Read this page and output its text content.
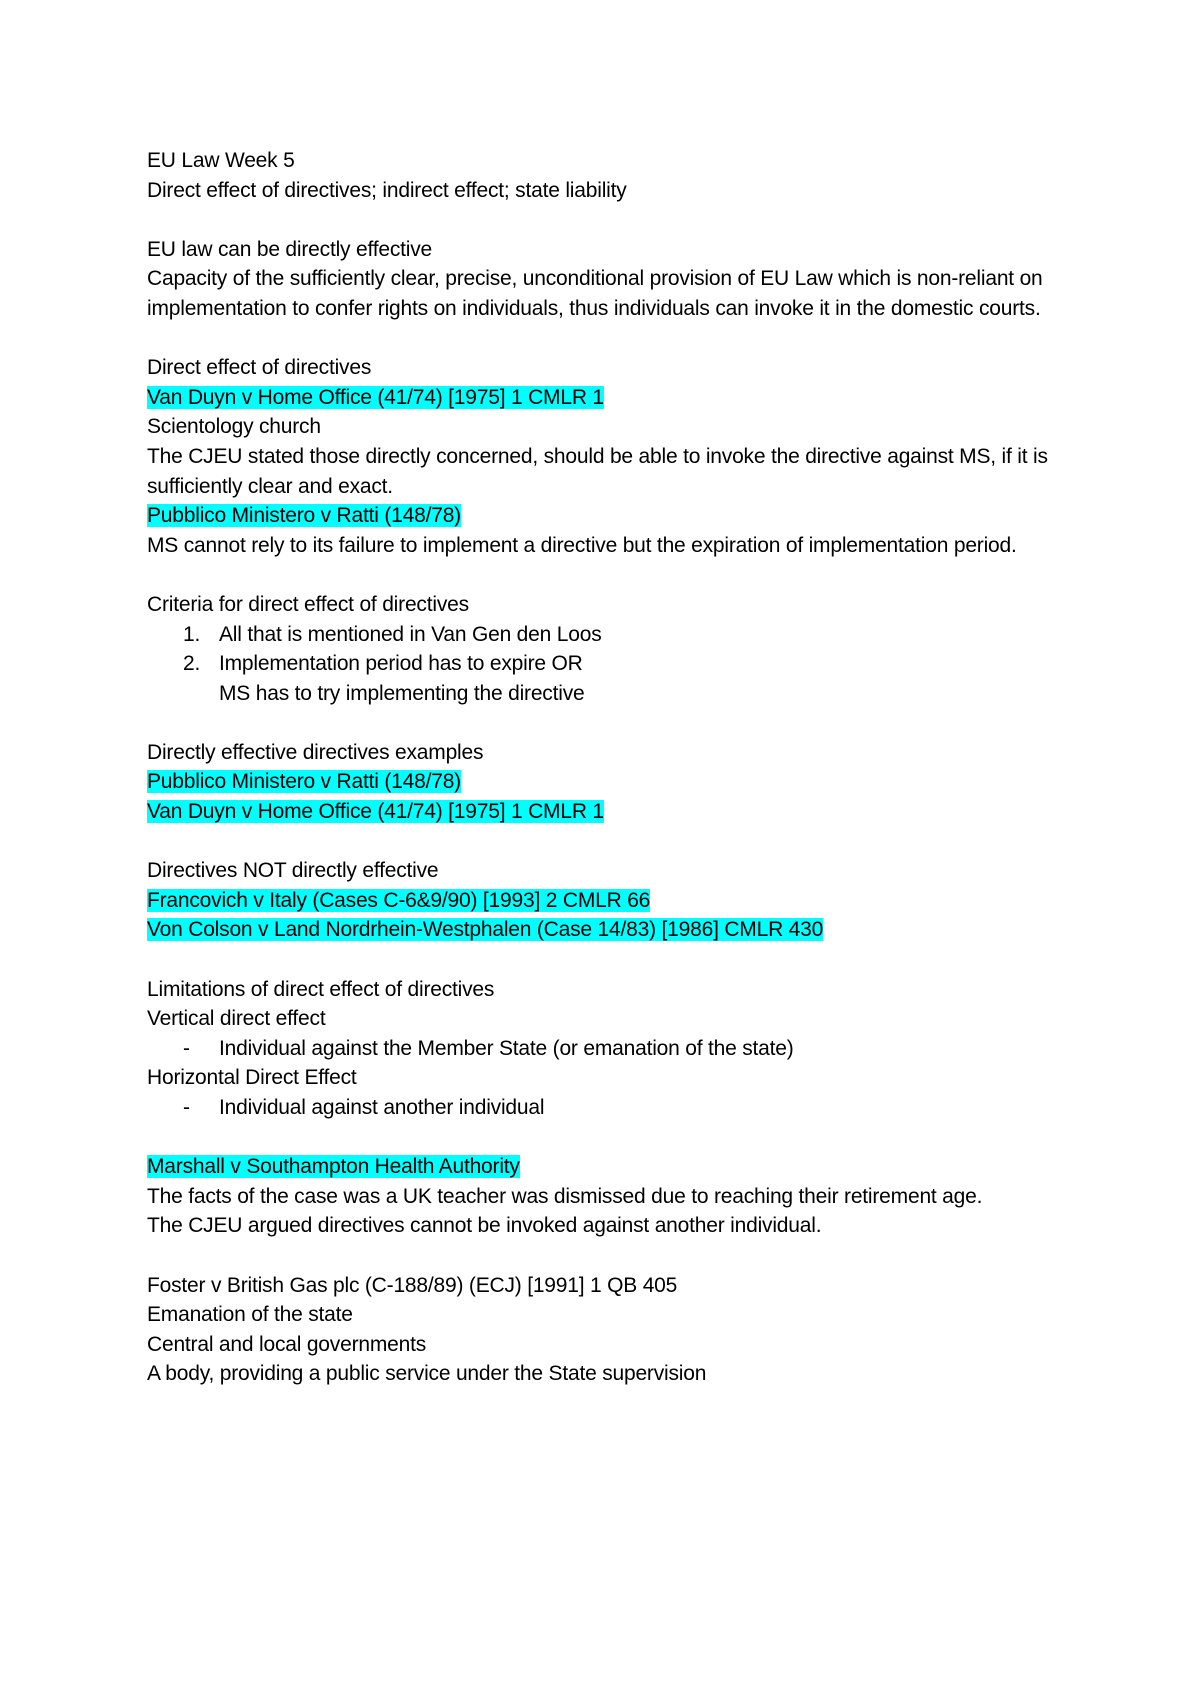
EU Law Week 5
Direct effect of directives; indirect effect; state liability
EU law can be directly effective
Capacity of the sufficiently clear, precise, unconditional provision of EU Law which is non-reliant on implementation to confer rights on individuals, thus individuals can invoke it in the domestic courts.
Direct effect of directives
Van Duyn v Home Office (41/74) [1975] 1 CMLR 1
Scientology church
The CJEU stated those directly concerned, should be able to invoke the directive against MS, if it is sufficiently clear and exact.
Pubblico Ministero v Ratti (148/78)
MS cannot rely to its failure to implement a directive but the expiration of implementation period.
Criteria for direct effect of directives
1. All that is mentioned in Van Gen den Loos
2. Implementation period has to expire OR
MS has to try implementing the directive
Directly effective directives examples
Pubblico Ministero v Ratti (148/78)
Van Duyn v Home Office (41/74) [1975] 1 CMLR 1
Directives NOT directly effective
Francovich v Italy (Cases C-6&9/90) [1993] 2 CMLR 66
Von Colson v Land Nordrhein-Westphalen (Case 14/83) [1986] CMLR 430
Limitations of direct effect of directives
Vertical direct effect
-	Individual against the Member State (or emanation of the state)
Horizontal Direct Effect
-	Individual against another individual
Marshall v Southampton Health Authority
The facts of the case was a UK teacher was dismissed due to reaching their retirement age.
The CJEU argued directives cannot be invoked against another individual.
Foster v British Gas plc (C-188/89) (ECJ) [1991] 1 QB 405
Emanation of the state
Central and local governments
A body, providing a public service under the State supervision
